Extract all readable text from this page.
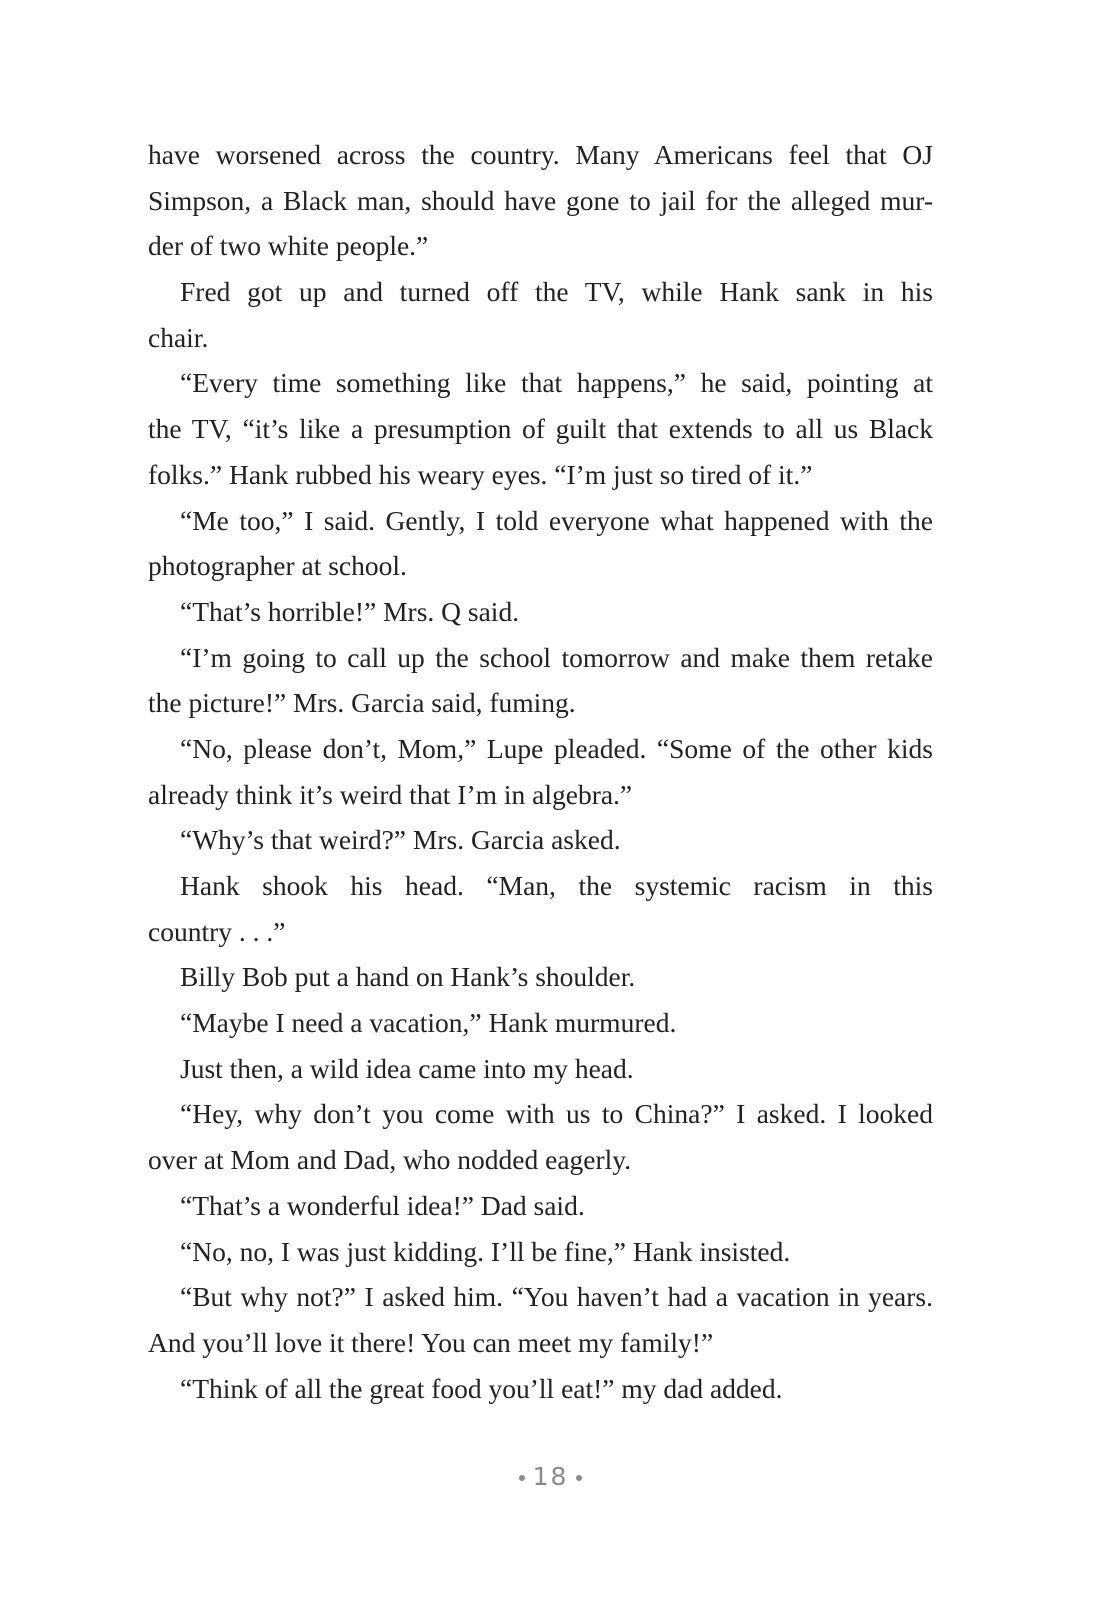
have worsened across the country. Many Americans feel that OJ
Simpson, a Black man, should have gone to jail for the alleged mur-
der of two white people.”
Fred got up and turned off the TV, while Hank sank in his
chair.
“Every time something like that happens,” he said, pointing at
the TV, “it’s like a presumption of guilt that extends to all us Black
folks.” Hank rubbed his weary eyes. “I’m just so tired of it.”
“Me too,” I said. Gently, I told everyone what happened with the
photographer at school.
“That’s horrible!” Mrs. Q said.
“I’m going to call up the school tomorrow and make them retake
the picture!” Mrs. Garcia said, fuming.
“No, please don’t, Mom,” Lupe pleaded. “Some of the other kids
already think it’s weird that I’m in algebra.”
“Why’s that weird?” Mrs. Garcia asked.
Hank shook his head. “Man, the systemic racism in this
country . . .”
Billy Bob put a hand on Hank’s shoulder.
“Maybe I need a vacation,” Hank murmured.
Just then, a wild idea came into my head.
“Hey, why don’t you come with us to China?” I asked. I looked
over at Mom and Dad, who nodded eagerly.
“That’s a wonderful idea!” Dad said.
“No, no, I was just kidding. I’ll be fine,” Hank insisted.
“But why not?” I asked him. “You haven’t had a vacation in years.
And you’ll love it there! You can meet my family!”
“Think of all the great food you’ll eat!” my dad added.
18
